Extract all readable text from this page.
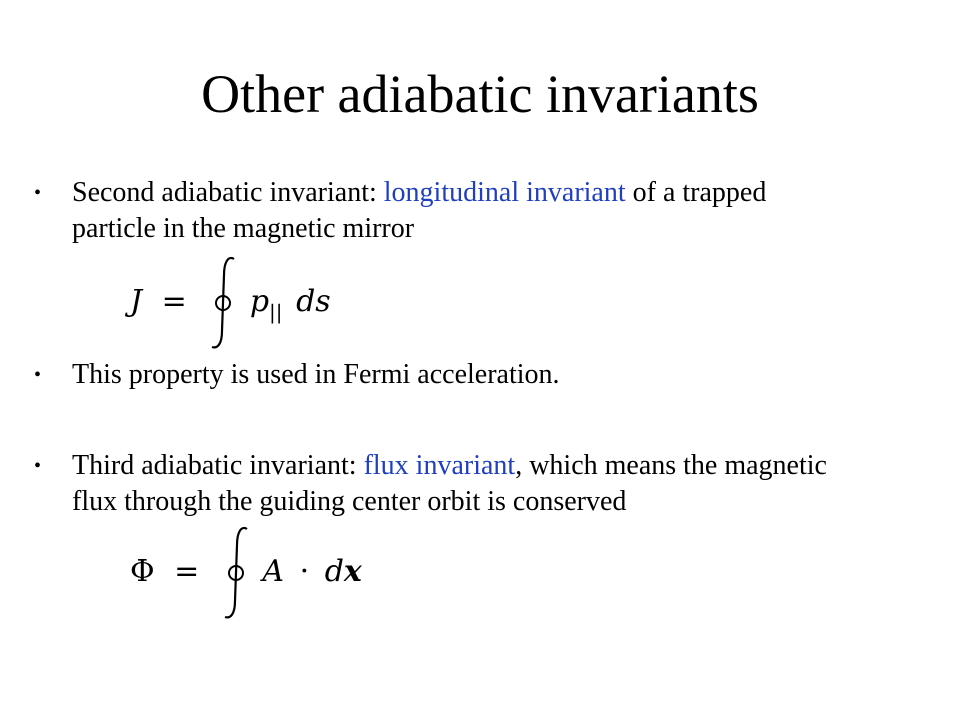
Other adiabatic invariants
• Second adiabatic invariant: longitudinal invariant of a trapped
particle in the magnetic mirror
$J = p_{||}$ ds
• This property is used in Fermi acceleration.
• Third adiabatic invariant: flux invariant, which means the magnetic
flux through the guiding center orbit is conserved
Φ = A · dx
